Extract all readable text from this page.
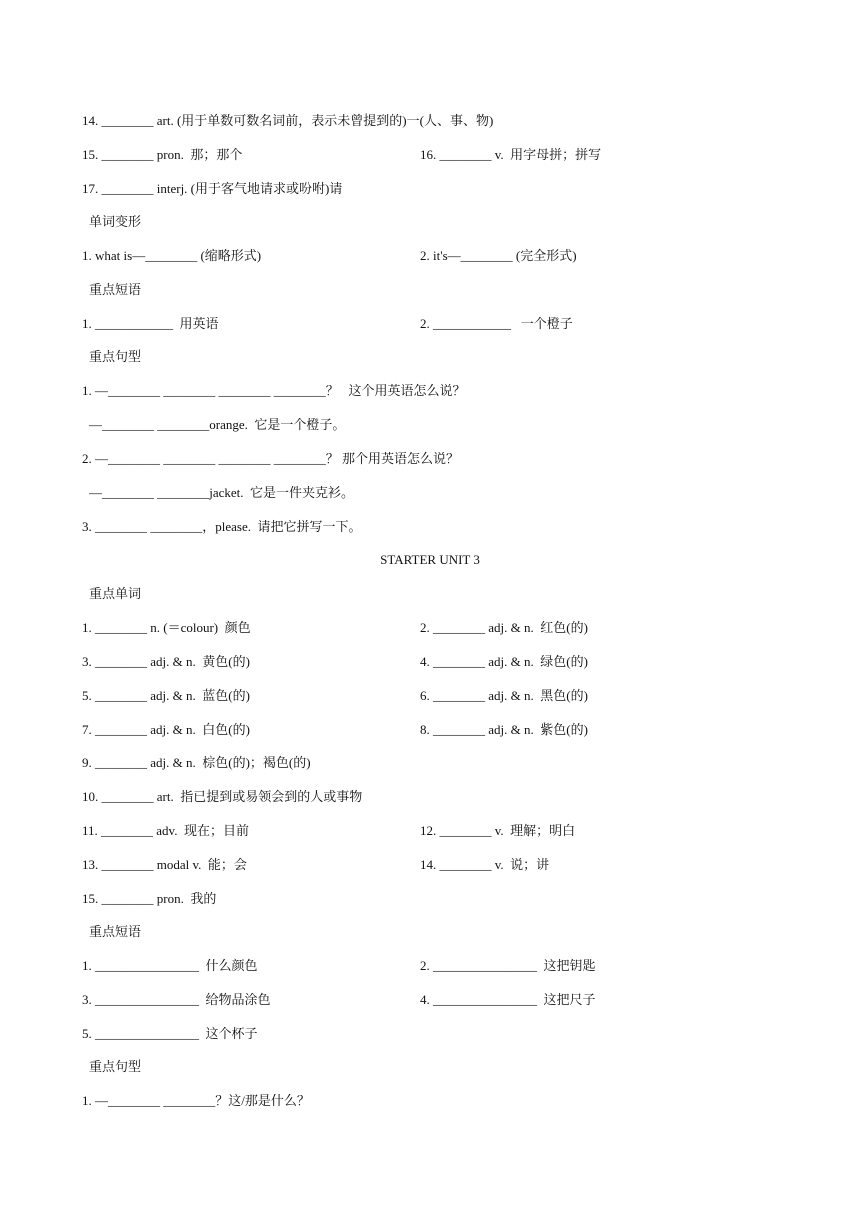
14. ________ art. (用于单数可数名词前，表示未曾提到的)一(人、事、物)
15. ________ pron.  那；那个	16. ________ v.  用字母拼；拼写
17. ________ interj. (用于客气地请求或吩咐)请
单词变形
1. what is—________ (缩略形式)	2. it's—________ (完全形式)
重点短语
1. ____________  用英语	2. ____________   一个橙子
重点句型
1. —________ ________ ________ ________？   这个用英语怎么说？
—________ ________orange.  它是一个橙子。
2. —________ ________ ________ ________？ 那个用英语怎么说？
—________ ________jacket.  它是一件夹克衫。
3. ________ ________，please.  请把它拼写一下。
STARTER UNIT 3
重点单词
1. ________ n. (＝colour)  颜色	2. ________ adj. & n.  红色(的)
3. ________ adj. & n.  黄色(的)	4. ________ adj. & n.  绿色(的)
5. ________ adj. & n.  蓝色(的)	6. ________ adj. & n.  黑色(的)
7. ________ adj. & n.  白色(的)	8. ________ adj. & n.  紫色(的)
9. ________ adj. & n.  棕色(的)；褐色(的)
10. ________ art.  指已提到或易领会到的人或事物
11. ________ adv.  现在；目前	12. ________ v.  理解；明白
13. ________ modal v.  能；会	14. ________ v.  说；讲
15. ________ pron.  我的
重点短语
1. ________________  什么颜色	2. ________________  这把钥匙
3. ________________  给物品涂色	4. ________________  这把尺子
5. ________________  这个杯子
重点句型
1. —________ ________？这/那是什么？
